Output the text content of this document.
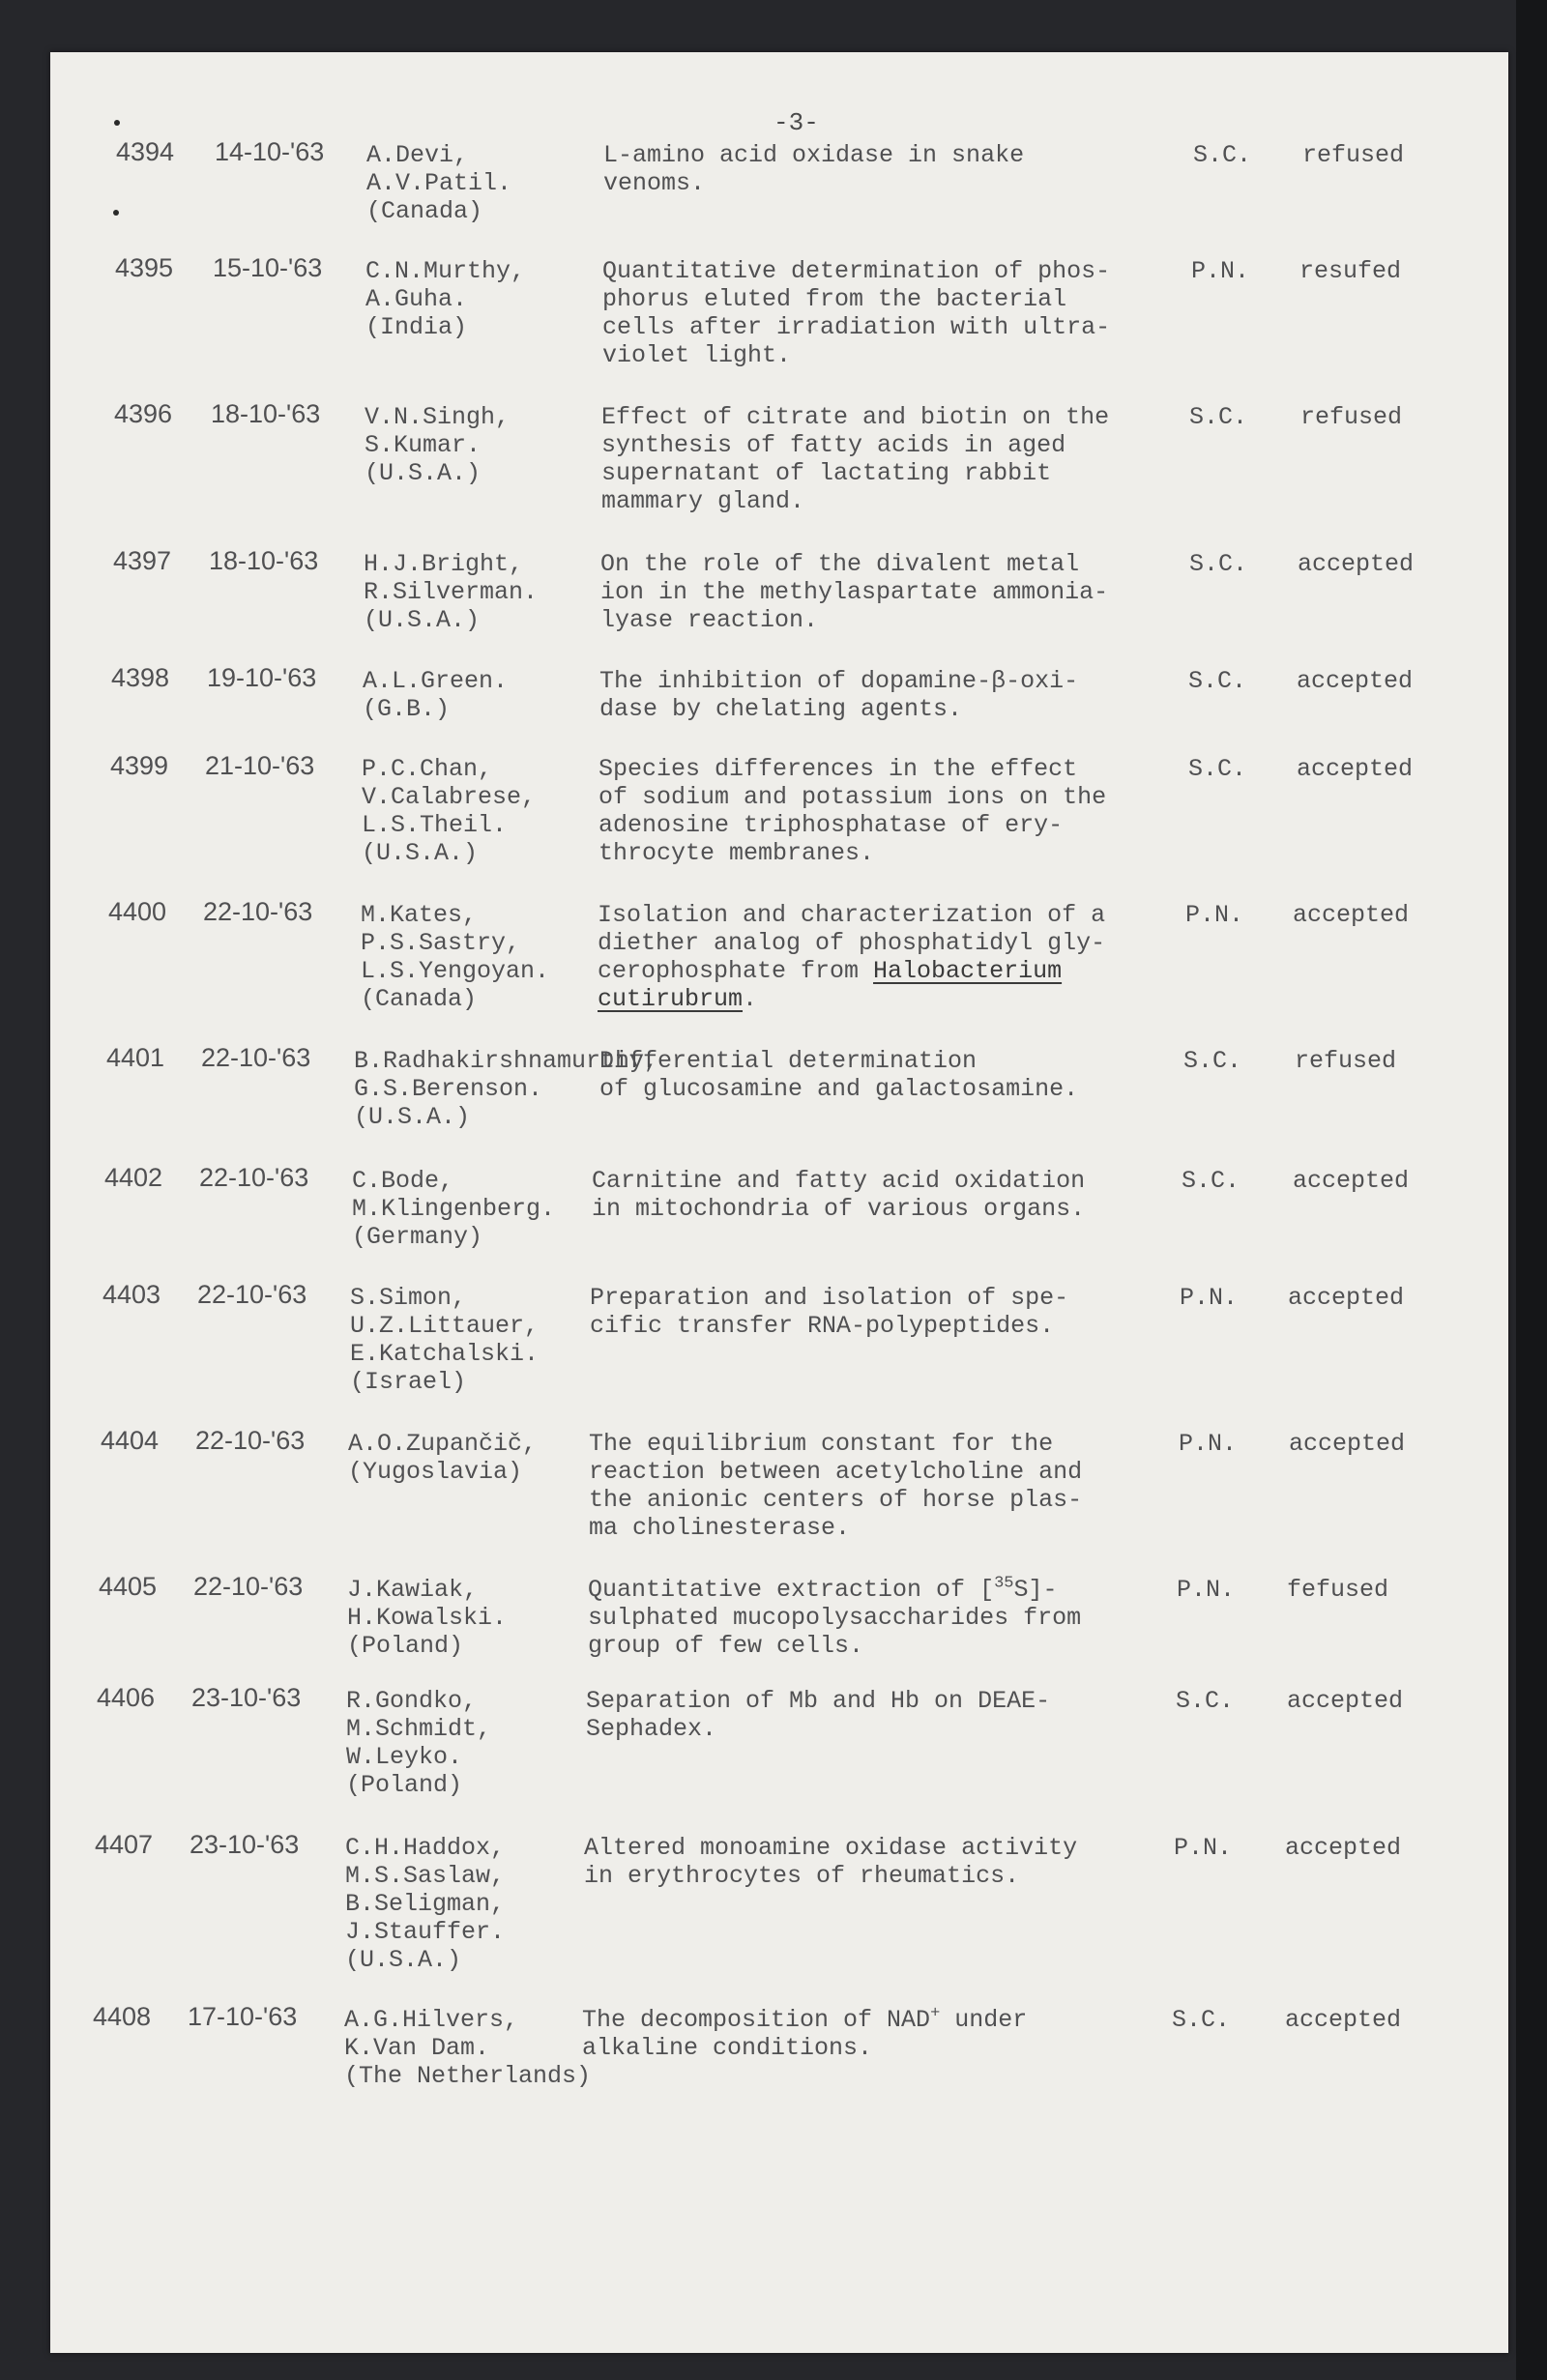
-3-
4394 14-10-'63 A.Devi,
A.V.Patil.
(Canada)
L-amino acid oxidase in snake
venoms.
S.C. refused
4395 15-10-'63 C.N.Murthy,
A.Guha.
(India)
Quantitative determination of phos-
phorus eluted from the bacterial
cells after irradiation with ultra-
violet light.
P.N. resufed
4396 18-10-'63 V.N.Singh,
S.Kumar.
(U.S.A.)
Effect of citrate and biotin on the
synthesis of fatty acids in aged
supernatant of lactating rabbit
mammary gland.
S.C. refused
4397 18-10-'63 H.J.Bright,
R.Silverman.
(U.S.A.)
On the role of the divalent metal
ion in the methylaspartate ammonia-
lyase reaction.
S.C. accepted
4398 19-10-'63 A.L.Green.
(G.B.)
The inhibition of dopamine-β-oxi-
dase by chelating agents.
S.C. accepted
4399 21-10-'63 P.C.Chan,
V.Calabrese,
L.S.Theil.
(U.S.A.)
Species differences in the effect
of sodium and potassium ions on the
adenosine triphosphatase of ery-
throcyte membranes.
S.C. accepted
4400 22-10-'63 M.Kates,
P.S.Sastry,
L.S.Yengoyan.
(Canada)
Isolation and characterization of a
diether analog of phosphatidyl gly-
cerophosphate from Halobacterium
cutirubrum.
P.N. accepted
4401 22-10-'63 B.Radhakirshnamurthy,
G.S.Berenson.
(U.S.A.)
Differential determination
of glucosamine and galactosamine.
S.C. refused
4402 22-10-'63 C.Bode,
M.Klingenberg.
(Germany)
Carnitine and fatty acid oxidation
in mitochondria of various organs.
S.C. accepted
4403 22-10-'63 S.Simon,
U.Z.Littauer,
E.Katchalski.
(Israel)
Preparation and isolation of spe-
cific transfer RNA-polypeptides.
P.N. accepted
4404 22-10-'63 A.O.Zupančič,
(Yugoslavia)
The equilibrium constant for the
reaction between acetylcholine and
the anionic centers of horse plas-
ma cholinesterase.
P.N. accepted
4405 22-10-'63 J.Kawiak,
H.Kowalski.
(Poland)
Quantitative extraction of [$^{35}$S]-
sulphated mucopolysaccharides from
group of few cells.
P.N. fefused
4406 23-10-'63 R.Gondko,
M.Schmidt,
W.Leyko.
(Poland)
Separation of Mb and Hb on DEAE-
Sephadex.
S.C. accepted
4407 23-10-'63 C.H.Haddox,
M.S.Saslaw,
B.Seligman,
J.Stauffer.
(U.S.A.)
Altered monoamine oxidase activity
in erythrocytes of rheumatics.
P.N. accepted
4408 17-10-'63 A.G.Hilvers,
K.Van Dam.
(The Netherlands)
The decomposition of NAD+ under
alkaline conditions.
S.C. accepted
